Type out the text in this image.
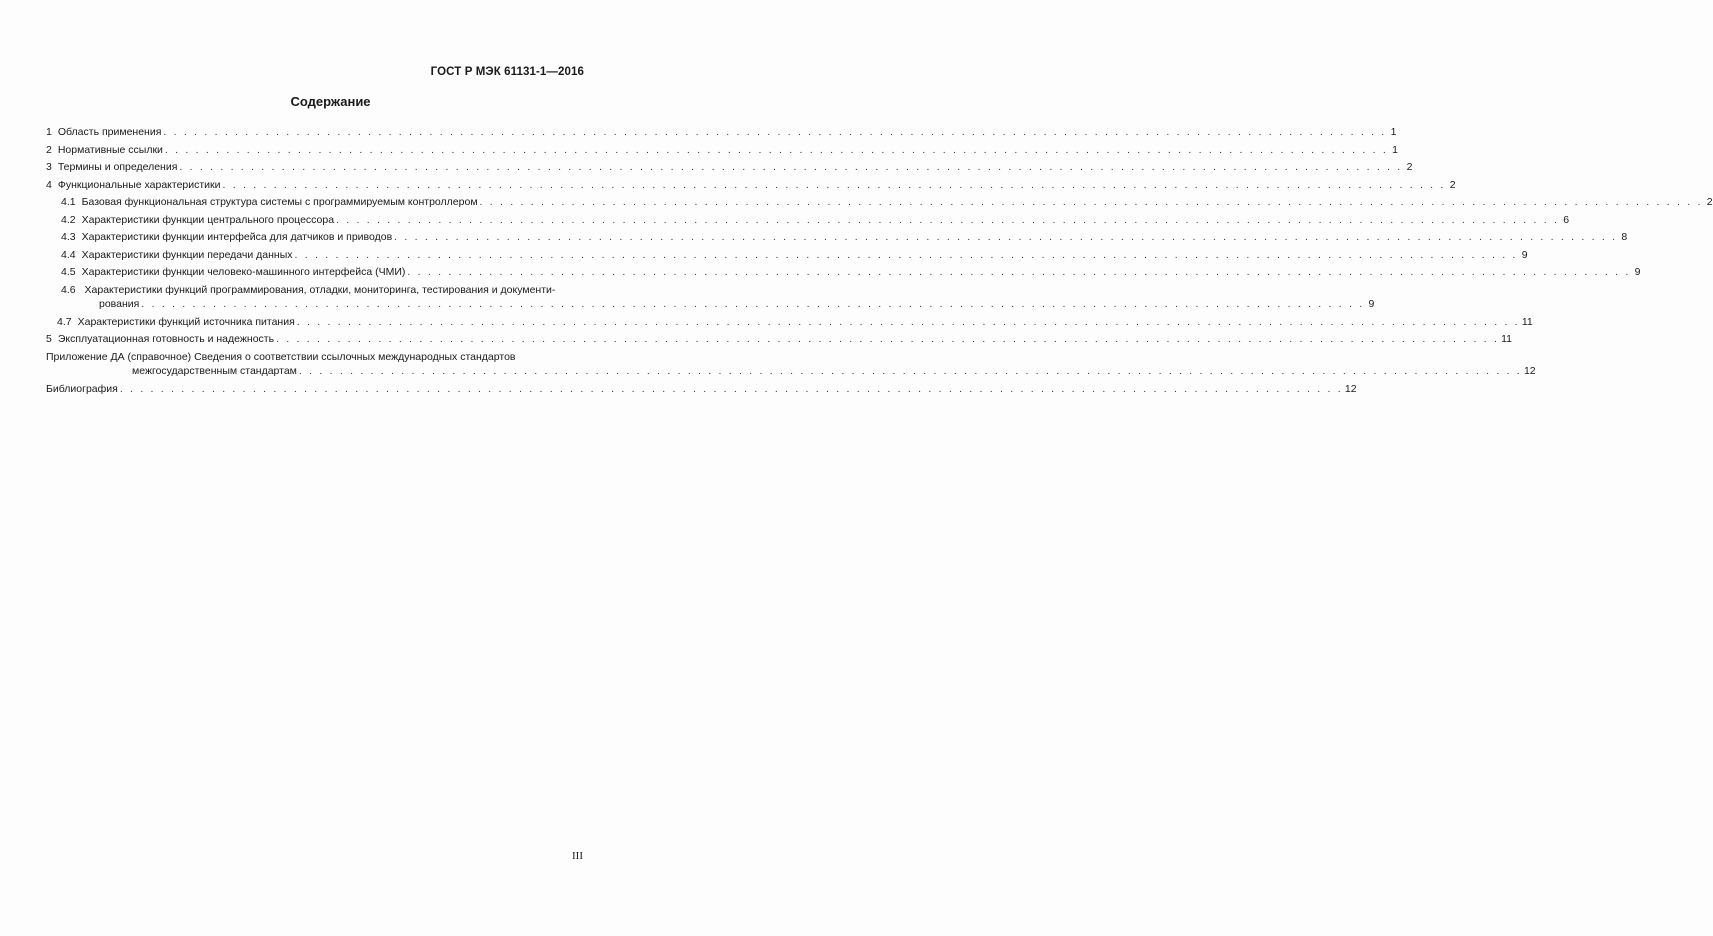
ГОСТ Р МЭК 61131-1—2016
Содержание
1 Область применения . . . . . . . . . . . . . . . . . . . . . . . . . . . . . . . . . . . . . . . . . . . . . . . . . . . . . . . . . . . . . . . . . . . . . . . . . . . . . . . . . . . . . . . . . . . . . . . . . . . . . . . . . . . . . . . . . . . . . . . . 1
2 Нормативные ссылки . . . . . . . . . . . . . . . . . . . . . . . . . . . . . . . . . . . . . . . . . . . . . . . . . . . . . . . . . . . . . . . . . . . . . . . . . . . . . . . . . . . . . . . . . . . . . . . . . . . . . . . . . . . . . . . . . . . . . . . . 1
3 Термины и определения . . . . . . . . . . . . . . . . . . . . . . . . . . . . . . . . . . . . . . . . . . . . . . . . . . . . . . . . . . . . . . . . . . . . . . . . . . . . . . . . . . . . . . . . . . . . . . . . . . . . . . . . . . . . . . . . . . . . . . . . 2
4 Функциональные характеристики . . . . . . . . . . . . . . . . . . . . . . . . . . . . . . . . . . . . . . . . . . . . . . . . . . . . . . . . . . . . . . . . . . . . . . . . . . . . . . . . . . . . . . . . . . . . . . . . . . . . . . . . . . . . . . . . . . . . . . . . 2
4.1 Базовая функциональная структура системы с программируемым контроллером . . . . . . . . . . . . . . . . . . . . . . . . . . . . . . . . . . . . . . . . . . . . . . . . . . . . . . . . . . . . . . . . . . . . . . . . . . . . . . . . . . . . . . . . . . . . . . . . . . . . . . . . . . . . . . . . . . . . . . . . 2
4.2 Характеристики функции центрального процессора . . . . . . . . . . . . . . . . . . . . . . . . . . . . . . . . . . . . . . . . . . . . . . . . . . . . . . . . . . . . . . . . . . . . . . . . . . . . . . . . . . . . . . . . . . . . . . . . . . . . . . . . . . . . . . . . . . . . . . . . 6
4.3 Характеристики функции интерфейса для датчиков и приводов . . . . . . . . . . . . . . . . . . . . . . . . . . . . . . . . . . . . . . . . . . . . . . . . . . . . . . . . . . . . . . . . . . . . . . . . . . . . . . . . . . . . . . . . . . . . . . . . . . . . . . . . . . . . . . . . . . . . . . . . 8
4.4 Характеристики функции передачи данных . . . . . . . . . . . . . . . . . . . . . . . . . . . . . . . . . . . . . . . . . . . . . . . . . . . . . . . . . . . . . . . . . . . . . . . . . . . . . . . . . . . . . . . . . . . . . . . . . . . . . . . . . . . . . . . . . . . . . . . . 9
4.5 Характеристики функции человеко-машинного интерфейса (ЧМИ) . . . . . . . . . . . . . . . . . . . . . . . . . . . . . . . . . . . . . . . . . . . . . . . . . . . . . . . . . . . . . . . . . . . . . . . . . . . . . . . . . . . . . . . . . . . . . . . . . . . . . . . . . . . . . . . . . . . . . . . . 9
4.6 Характеристики функций программирования, отладки, мониторинга, тестирования и документи-
рования . . . . . . . . . . . . . . . . . . . . . . . . . . . . . . . . . . . . . . . . . . . . . . . . . . . . . . . . . . . . . . . . . . . . . . . . . . . . . . . . . . . . . . . . . . . . . . . . . . . . . . . . . . . . . . . . . . . . . . . . 9
4.7 Характеристики функций источника питания . . . . . . . . . . . . . . . . . . . . . . . . . . . . . . . . . . . . . . . . . . . . . . . . . . . . . . . . . . . . . . . . . . . . . . . . . . . . . . . . . . . . . . . . . . . . . . . . . . . . . . . . . . . . . . . . . . . . . . . . 11
5 Эксплуатационная готовность и надежность . . . . . . . . . . . . . . . . . . . . . . . . . . . . . . . . . . . . . . . . . . . . . . . . . . . . . . . . . . . . . . . . . . . . . . . . . . . . . . . . . . . . . . . . . . . . . . . . . . . . . . . . . . . . . . . . . . . . . . . . 11
Приложение ДА (справочное) Сведения о соответствии ссылочных международных стандартов
межгосударственным стандартам . . . . . . . . . . . . . . . . . . . . . . . . . . . . . . . . . . . . . . . . . . . . . . . . . . . . . . . . . . . . . . . . . . . . . . . . . . . . . . . . . . . . . . . . . . . . . . . . . . . . . . . . . . . . . . . . . . . . . . . . 12
Библиография . . . . . . . . . . . . . . . . . . . . . . . . . . . . . . . . . . . . . . . . . . . . . . . . . . . . . . . . . . . . . . . . . . . . . . . . . . . . . . . . . . . . . . . . . . . . . . . . . . . . . . . . . . . . . . . . . . . . . . . . 12
III
